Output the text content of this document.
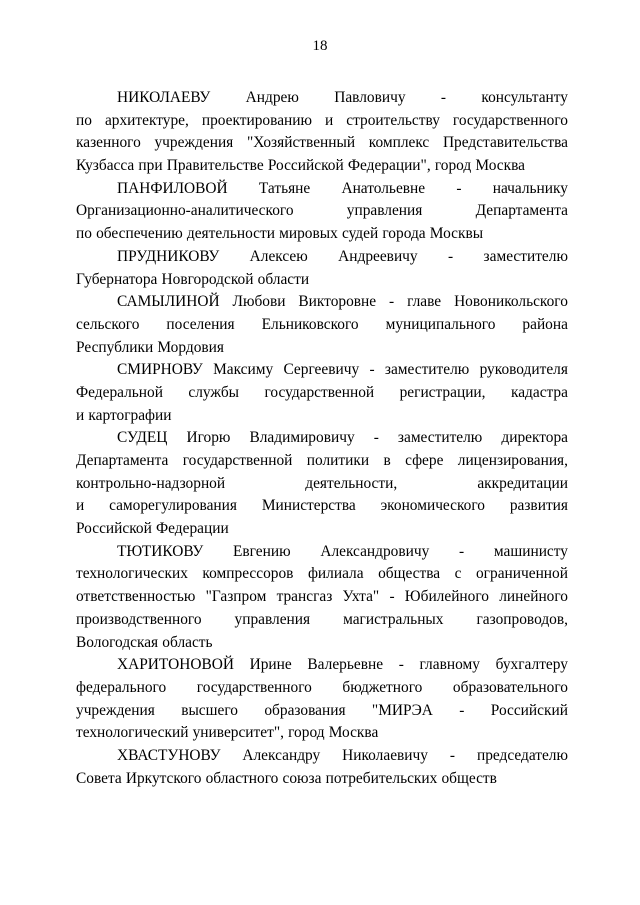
18
НИКОЛАЕВУ Андрею Павловичу - консультанту
по архитектуре, проектированию и строительству государственного
казенного учреждения "Хозяйственный комплекс Представительства
Кузбасса при Правительстве Российской Федерации", город Москва
ПАНФИЛОВОЙ Татьяне Анатольевне - начальнику
Организационно-аналитического	управления	Департамента
по обеспечению деятельности мировых судей города Москвы
ПРУДНИКОВУ Алексею Андреевичу - заместителю
Губернатора Новгородской области
САМЫЛИНОЙ Любови Викторовне - главе Новоникольского
сельского поселения Ельниковского муниципального района
Республики Мордовия
СМИРНОВУ Максиму Сергеевичу - заместителю руководителя
Федеральной службы государственной регистрации, кадастра
и картографии
СУДЕЦ Игорю Владимировичу - заместителю директора
Департамента государственной политики в сфере лицензирования,
контрольно-надзорной	деятельности,	аккредитации
и саморегулирования Министерства экономического развития
Российской Федерации
ТЮТИКОВУ Евгению Александровичу - машинисту
технологических компрессоров филиала общества с ограниченной
ответственностью "Газпром трансгаз Ухта" - Юбилейного линейного
производственного управления магистральных газопроводов,
Вологодская область
ХАРИТОНОВОЙ Ирине Валерьевне - главному бухгалтеру
федерального государственного бюджетного образовательного
учреждения высшего образования "МИРЭА - Российский
технологический университет", город Москва
ХВАСТУНОВУ Александру Николаевичу - председателю
Совета Иркутского областного союза потребительских обществ
